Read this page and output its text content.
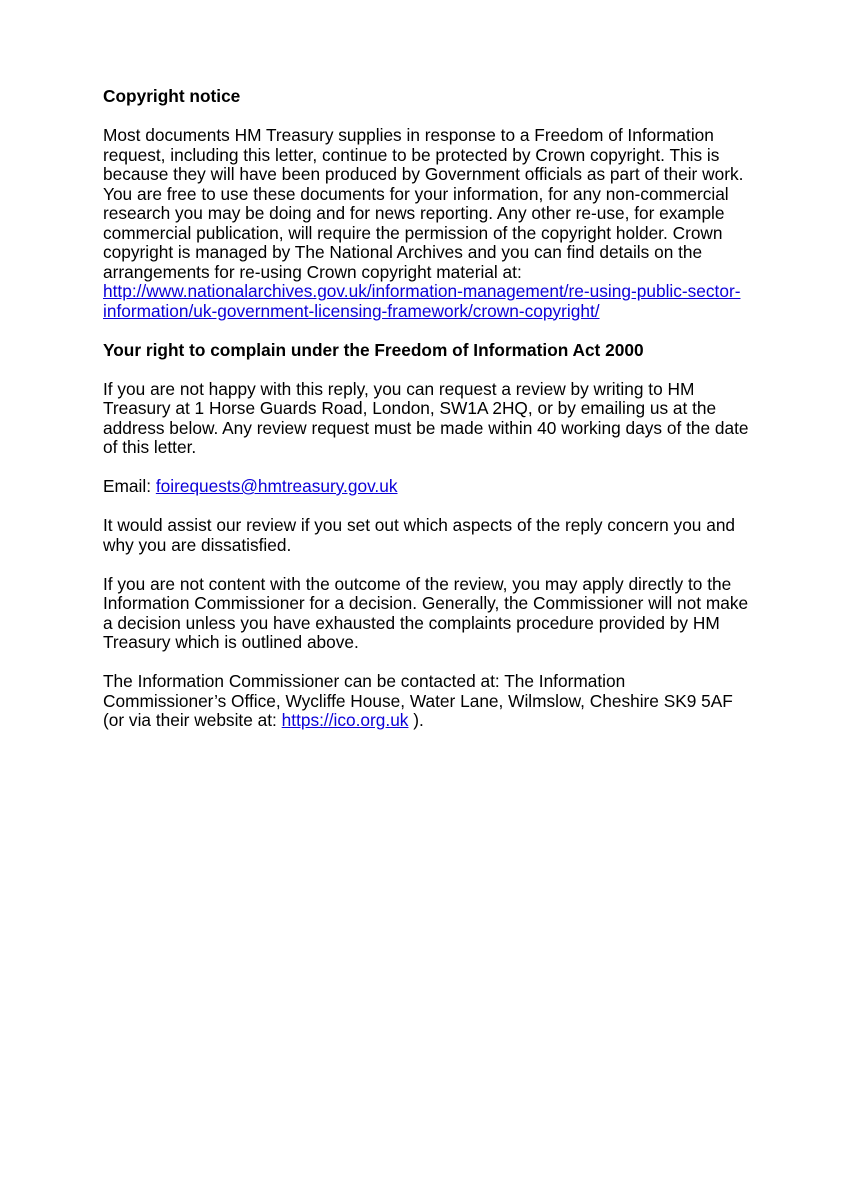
Copyright notice

Most documents HM Treasury supplies in response to a Freedom of Information
request, including this letter, continue to be protected by Crown copyright. This is
because they will have been produced by Government officials as part of their work.
You are free to use these documents for your information, for any non-commercial
research you may be doing and for news reporting. Any other re-use, for example
commercial publication, will require the permission of the copyright holder. Crown
copyright is managed by The National Archives and you can find details on the
arrangements for re-using Crown copyright material at:
http://www.nationalarchives.gov.uk/information-management/re-using-public-sector-
information/uk-government-licensing-framework/crown-copyright/

Your right to complain under the Freedom of Information Act 2000

If you are not happy with this reply, you can request a review by writing to HM
Treasury at 1 Horse Guards Road, London, SW1A 2HQ, or by emailing us at the
address below. Any review request must be made within 40 working days of the date
of this letter.

Email: foirequests@hmtreasury.gov.uk

It would assist our review if you set out which aspects of the reply concern you and
why you are dissatisfied.

If you are not content with the outcome of the review, you may apply directly to the
Information Commissioner for a decision. Generally, the Commissioner will not make
a decision unless you have exhausted the complaints procedure provided by HM
Treasury which is outlined above.

The Information Commissioner can be contacted at: The Information
Commissioner’s Office, Wycliffe House, Water Lane, Wilmslow, Cheshire SK9 5AF
(or via their website at: https://ico.org.uk ).
